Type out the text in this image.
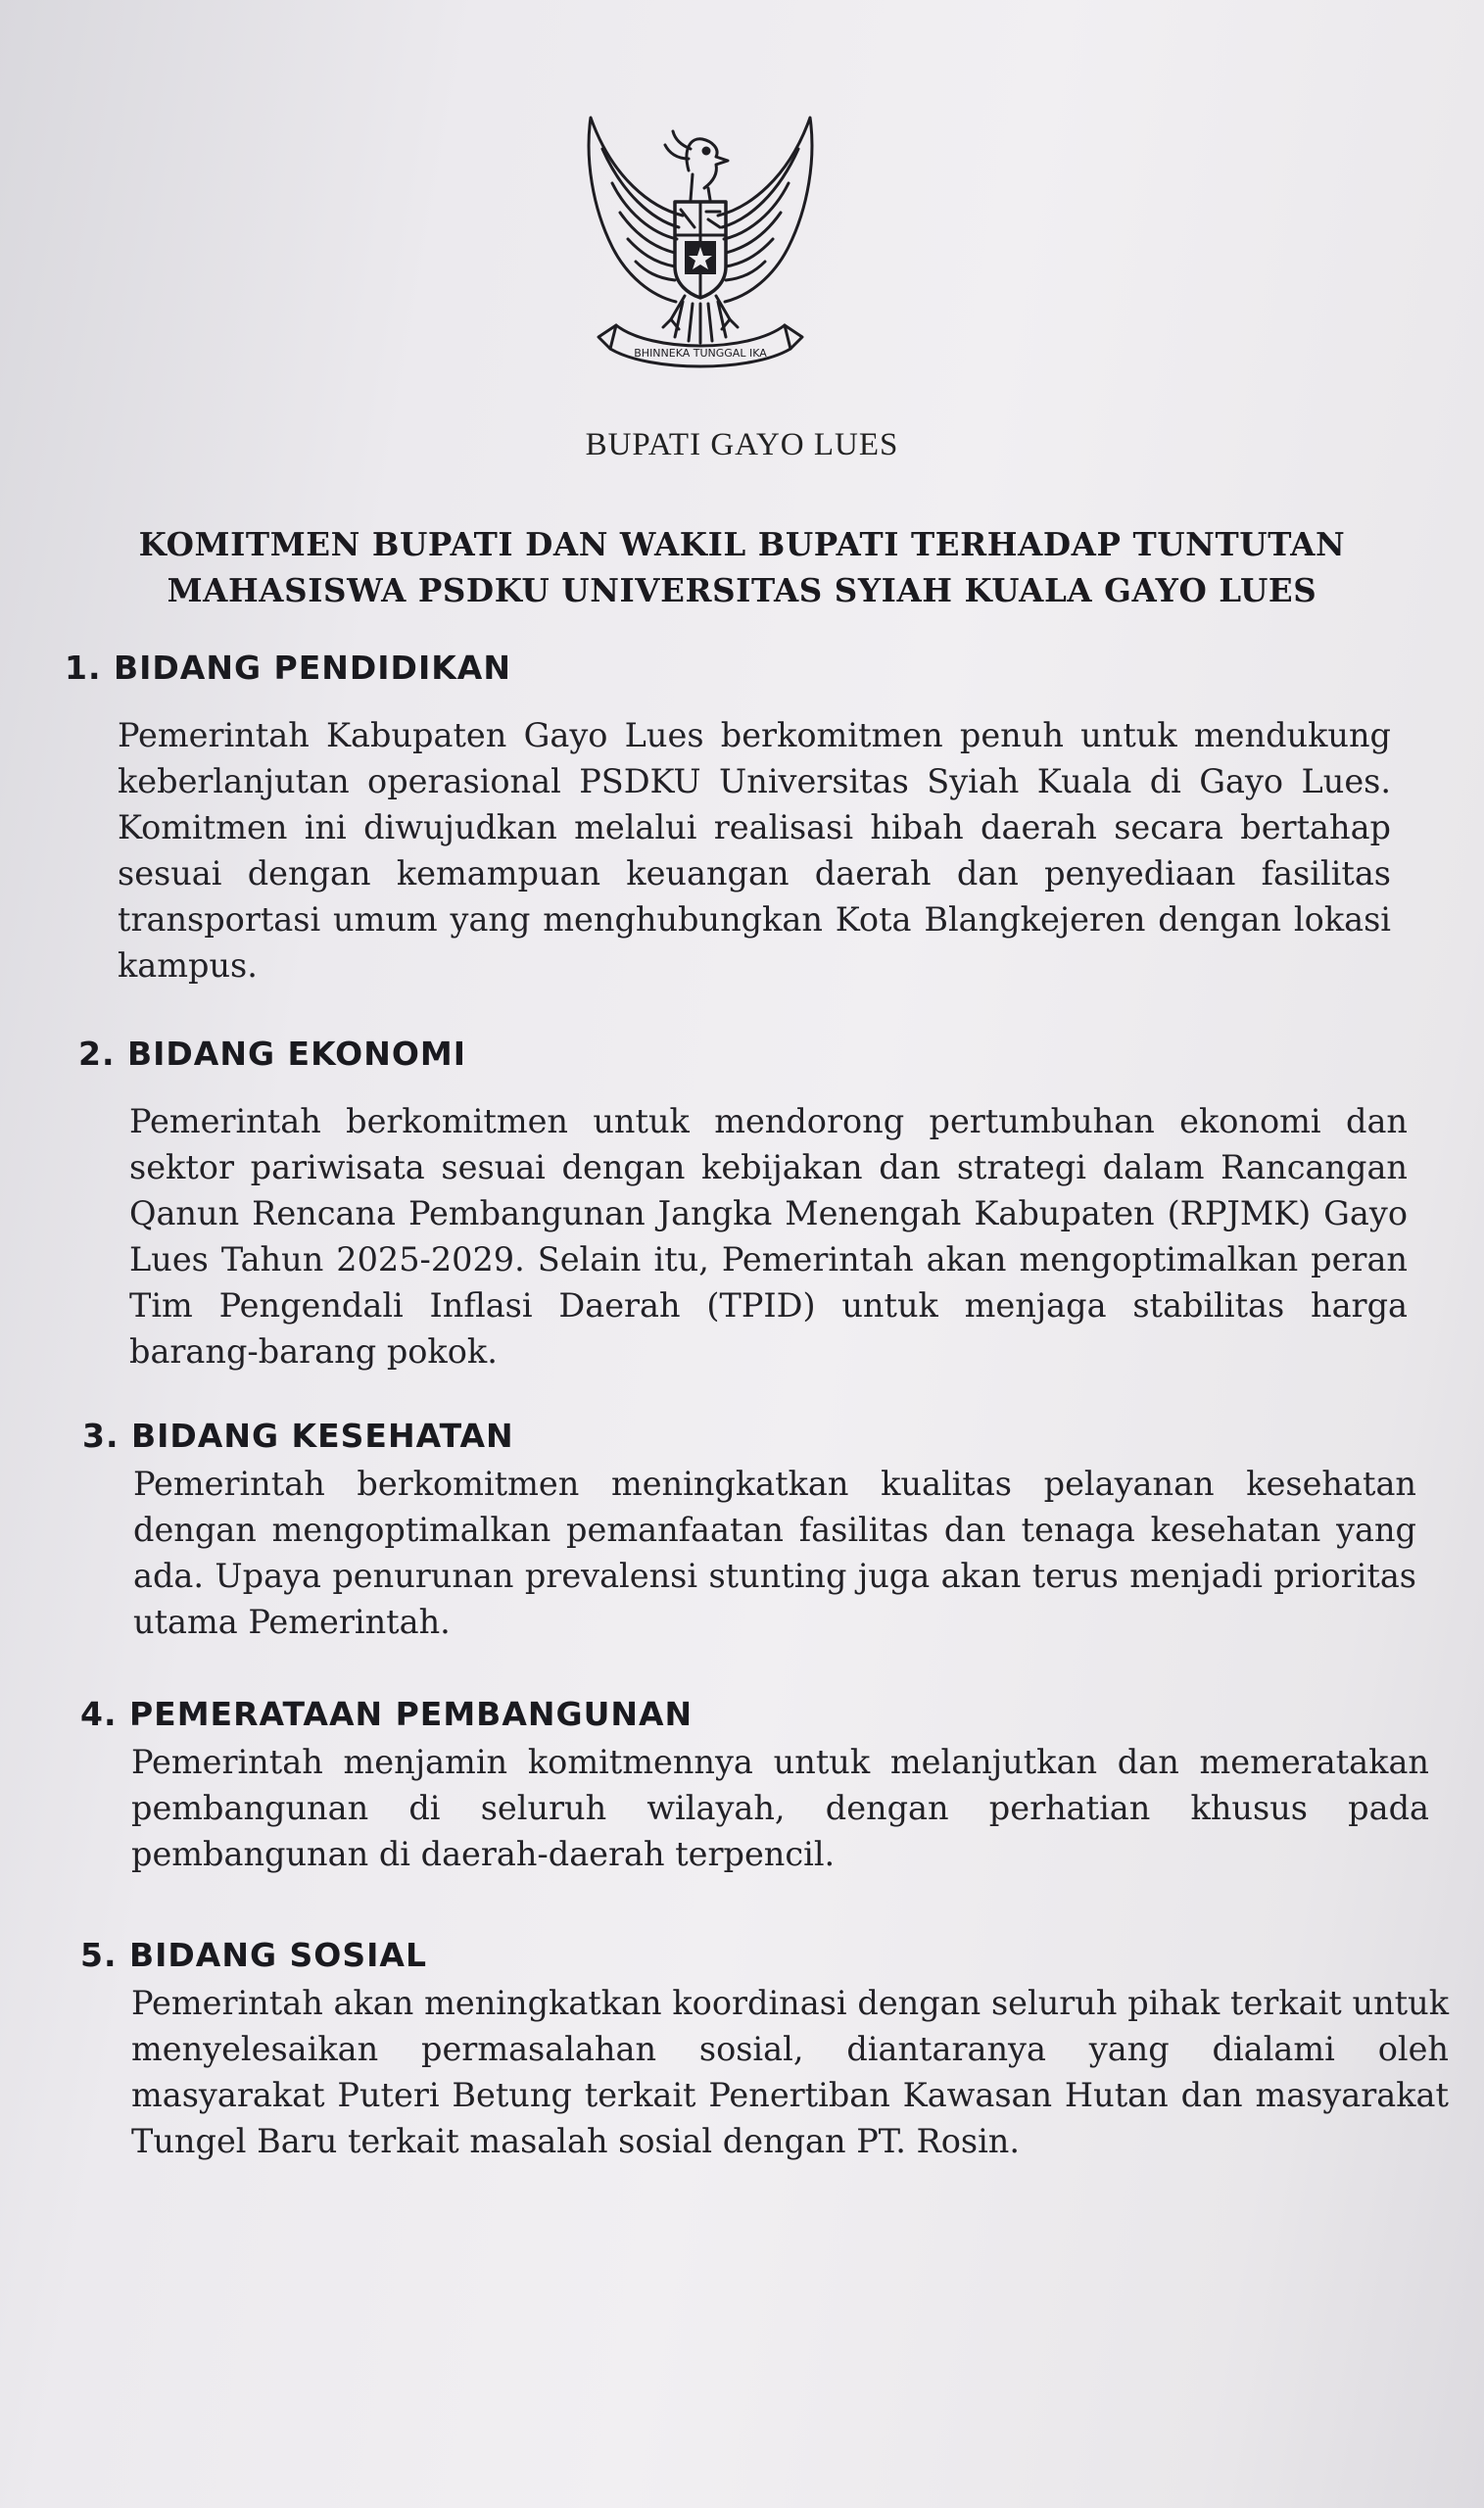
BHINNEKA TUNGGAL IKA
BUPATI GAYO LUES
KOMITMEN BUPATI DAN WAKIL BUPATI TERHADAP TUNTUTAN
MAHASISWA PSDKU UNIVERSITAS SYIAH KUALA GAYO LUES
1. BIDANG PENDIDIKAN

Pemerintah Kabupaten Gayo Lues berkomitmen penuh untuk mendukung keberlanjutan operasional PSDKU Universitas Syiah Kuala di Gayo Lues. Komitmen ini diwujudkan melalui realisasi hibah daerah secara bertahap sesuai dengan kemampuan keuangan daerah dan penyediaan fasilitas transportasi umum yang menghubungkan Kota Blangkejeren dengan lokasi kampus.

2. BIDANG EKONOMI

Pemerintah berkomitmen untuk mendorong pertumbuhan ekonomi dan sektor pariwisata sesuai dengan kebijakan dan strategi dalam Rancangan Qanun Rencana Pembangunan Jangka Menengah Kabupaten (RPJMK) Gayo Lues Tahun 2025-2029. Selain itu, Pemerintah akan mengoptimalkan peran Tim Pengendali Inflasi Daerah (TPID) untuk menjaga stabilitas harga barang-barang pokok.

3. BIDANG KESEHATAN

Pemerintah berkomitmen meningkatkan kualitas pelayanan kesehatan dengan mengoptimalkan pemanfaatan fasilitas dan tenaga kesehatan yang ada. Upaya penurunan prevalensi stunting juga akan terus menjadi prioritas utama Pemerintah.

4. PEMERATAAN PEMBANGUNAN

Pemerintah menjamin komitmennya untuk melanjutkan dan memeratakan pembangunan di seluruh wilayah, dengan perhatian khusus pada pembangunan di daerah-daerah terpencil.

5. BIDANG SOSIAL

Pemerintah akan meningkatkan koordinasi dengan seluruh pihak terkait untuk menyelesaikan permasalahan sosial, diantaranya yang dialami oleh masyarakat Puteri Betung terkait Penertiban Kawasan Hutan dan masyarakat Tungel Baru terkait masalah sosial dengan PT. Rosin.
